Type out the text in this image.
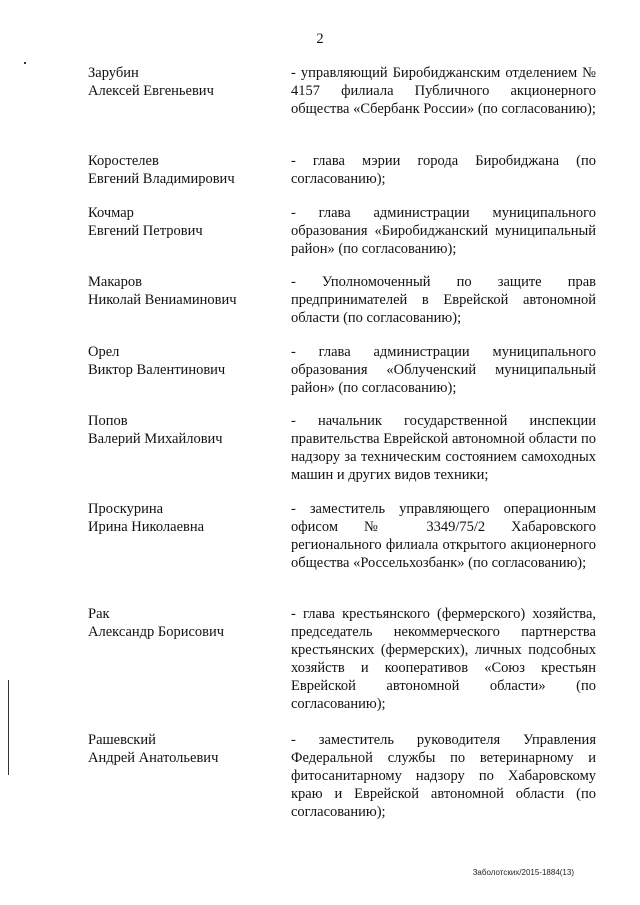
2
Зарубин
Алексей Евгеньевич
- управляющий Биробиджанским отделением № 4157 филиала Публичного акционерного общества «Сбербанк России» (по согласованию);
Коростелев
Евгений Владимирович
- глава мэрии города Биробиджана (по согласованию);
Кочмар
Евгений Петрович
- глава администрации муниципального образования «Биробиджанский муниципальный район» (по согласованию);
Макаров
Николай Вениаминович
- Уполномоченный по защите прав предпринимателей в Еврейской автономной области (по согласованию);
Орел
Виктор Валентинович
- глава администрации муниципального образования «Облученский муниципальный район» (по согласованию);
Попов
Валерий Михайлович
- начальник государственной инспекции правительства Еврейской автономной области по надзору за техническим состоянием самоходных машин и других видов техники;
Проскурина
Ирина Николаевна
- заместитель управляющего операционным офисом № 3349/75/2 Хабаровского регионального филиала открытого акционерного общества «Россельхозбанк» (по согласованию);
Рак
Александр Борисович
- глава крестьянского (фермерского) хозяйства, председатель некоммерческого партнерства крестьянских (фермерских), личных подсобных хозяйств и кооперативов «Союз крестьян Еврейской автономной области» (по согласованию);
Рашевский
Андрей Анатольевич
- заместитель руководителя Управления Федеральной службы по ветеринарному и фитосанитарному надзору по Хабаровскому краю и Еврейской автономной области (по согласованию);
Заболотских/2015-1884(13)
